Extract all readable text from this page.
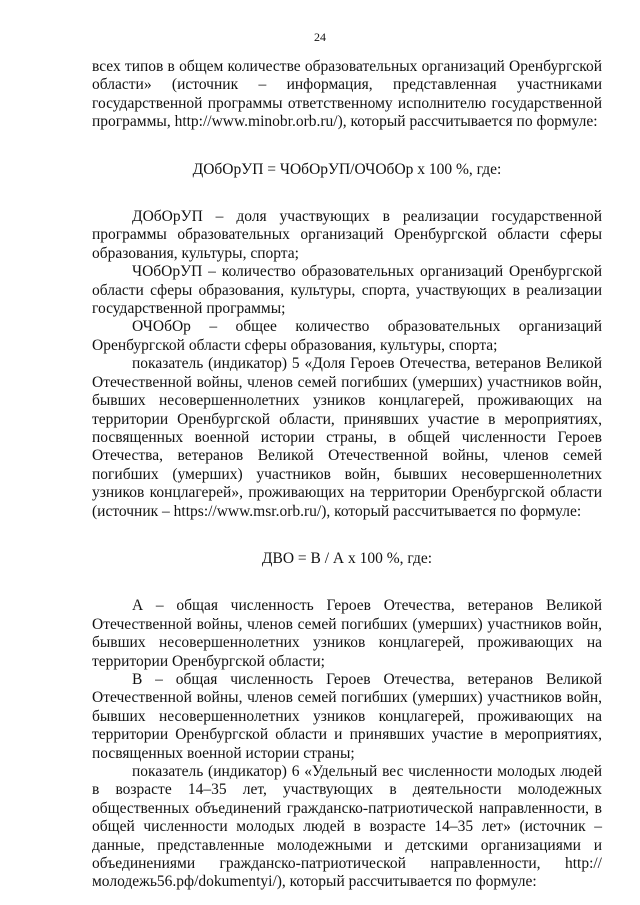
24

всех типов в общем количестве образовательных организаций Оренбургской области» (источник – информация, представленная участниками государственной программы ответственному исполнителю государственной программы, http://www.minobr.orb.ru/), который рассчитывается по формуле:

ДОбОрУП = ЧОбОрУП/ОЧОбОр х 100 %, где:

ДОбОрУП – доля участвующих в реализации государственной программы образовательных организаций Оренбургской области сферы образования, культуры, спорта;

ЧОбОрУП – количество образовательных организаций Оренбургской области сферы образования, культуры, спорта, участвующих в реализации государственной программы;

ОЧОбОр – общее количество образовательных организаций Оренбургской области сферы образования, культуры, спорта;

показатель (индикатор) 5 «Доля Героев Отечества, ветеранов Великой Отечественной войны, членов семей погибших (умерших) участников войн, бывших несовершеннолетних узников концлагерей, проживающих на территории Оренбургской области, принявших участие в мероприятиях, посвященных военной истории страны, в общей численности Героев Отечества, ветеранов Великой Отечественной войны, членов семей погибших (умерших) участников войн, бывших несовершеннолетних узников концлагерей», проживающих на территории Оренбургской области (источник – https://www.msr.orb.ru/), который рассчитывается по формуле:

ДВО = В / А х 100 %, где:

А – общая численность Героев Отечества, ветеранов Великой Отечественной войны, членов семей погибших (умерших) участников войн, бывших несовершеннолетних узников концлагерей, проживающих на территории Оренбургской области;

В – общая численность Героев Отечества, ветеранов Великой Отечественной войны, членов семей погибших (умерших) участников войн, бывших несовершеннолетних узников концлагерей, проживающих на территории Оренбургской области и принявших участие в мероприятиях, посвященных военной истории страны;

показатель (индикатор) 6 «Удельный вес численности молодых людей в возрасте 14–35 лет, участвующих в деятельности молодежных общественных объединений гражданско-патриотической направленности, в общей численности молодых людей в возрасте 14–35 лет» (источник – данные, представленные молодежными и детскими организациями и объединениями гражданско-патриотической направленности, http://молодежь56.рф/dokumentyi/), который рассчитывается по формуле:
